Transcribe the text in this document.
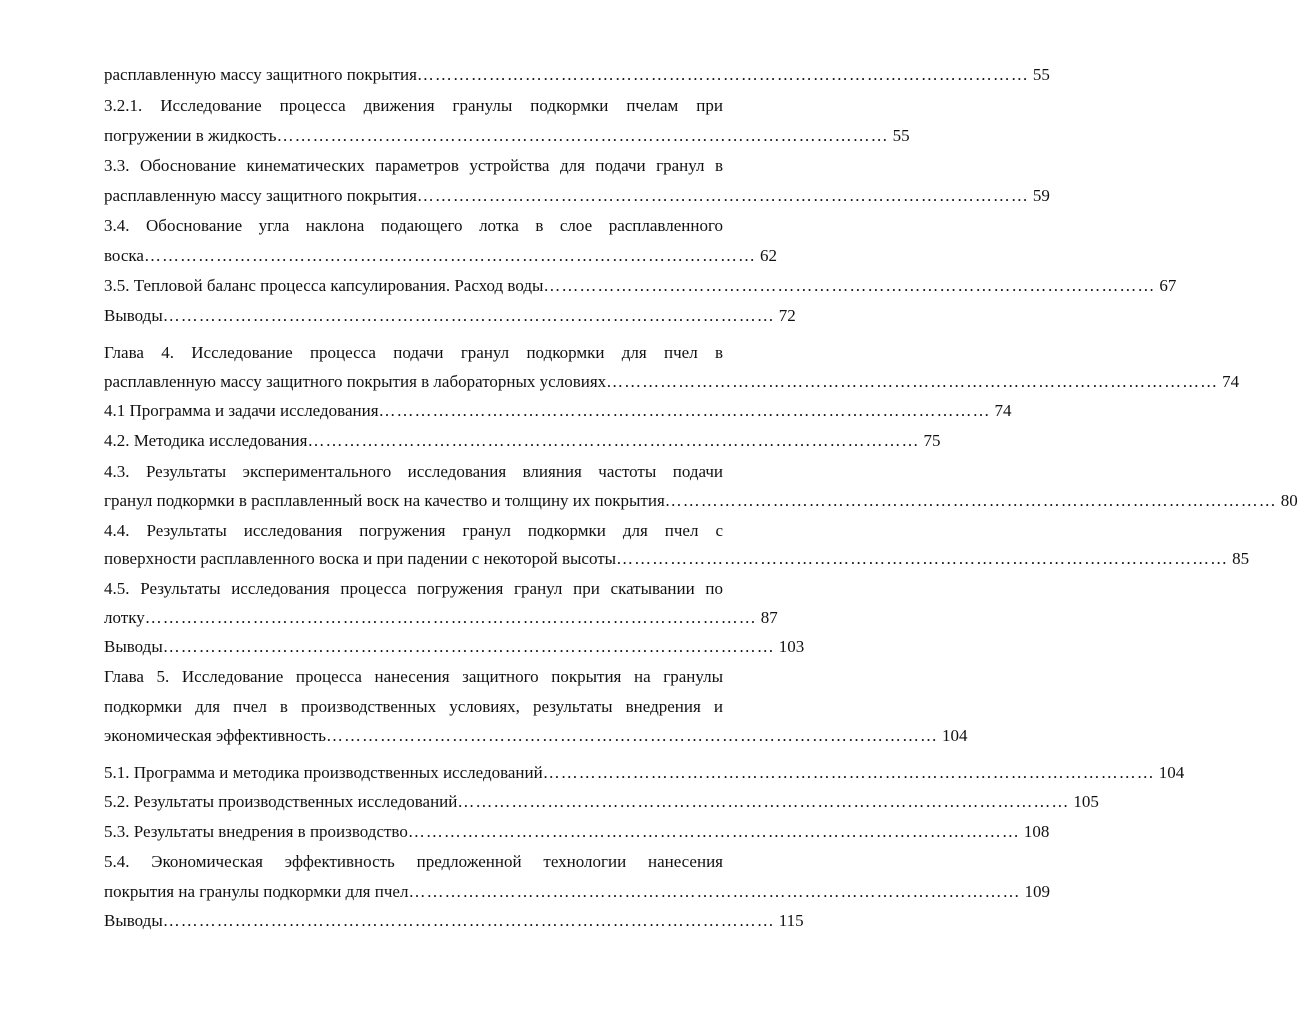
расплавленную массу защитного покрытия ………………………………………………………………………………………… 55
3.2.1. Исследование процесса движения гранулы подкормки пчелам при
погружении в жидкость ………………………………………………………………………………………… 55
3.3. Обоснование кинематических параметров устройства для подачи гранул в
расплавленную массу защитного покрытия ………………………………………………………………………………………… 59
3.4. Обоснование угла наклона подающего лотка в слое расплавленного
воска ………………………………………………………………………………………… 62
3.5. Тепловой баланс процесса капсулирования. Расход воды ………………………………………………………………………………………… 67
Выводы ………………………………………………………………………………………… 72
Глава 4. Исследование процесса подачи гранул подкормки для пчел в
расплавленную массу защитного покрытия в лабораторных условиях ………………………………………………………………………………………… 74
4.1 Программа и задачи исследования ………………………………………………………………………………………… 74
4.2. Методика исследования ………………………………………………………………………………………… 75
4.3. Результаты экспериментального исследования влияния частоты подачи
гранул подкормки в расплавленный воск на качество и толщину их покрытия ………………………………………………………………………………………… 80
4.4. Результаты исследования погружения гранул подкормки для пчел с
поверхности расплавленного воска и при падении с некоторой высоты ………………………………………………………………………………………… 85
4.5. Результаты исследования процесса погружения гранул при скатывании по
лотку ………………………………………………………………………………………… 87
Выводы ………………………………………………………………………………………… 103
Глава 5. Исследование процесса нанесения защитного покрытия на гранулы
подкормки для пчел в производственных условиях, результаты внедрения и
экономическая эффективность ………………………………………………………………………………………… 104
5.1. Программа и методика производственных исследований ………………………………………………………………………………………… 104
5.2. Результаты производственных исследований ………………………………………………………………………………………… 105
5.3. Результаты внедрения в производство ………………………………………………………………………………………… 108
5.4. Экономическая эффективность предложенной технологии нанесения
покрытия на гранулы подкормки для пчел ………………………………………………………………………………………… 109
Выводы ………………………………………………………………………………………… 115
